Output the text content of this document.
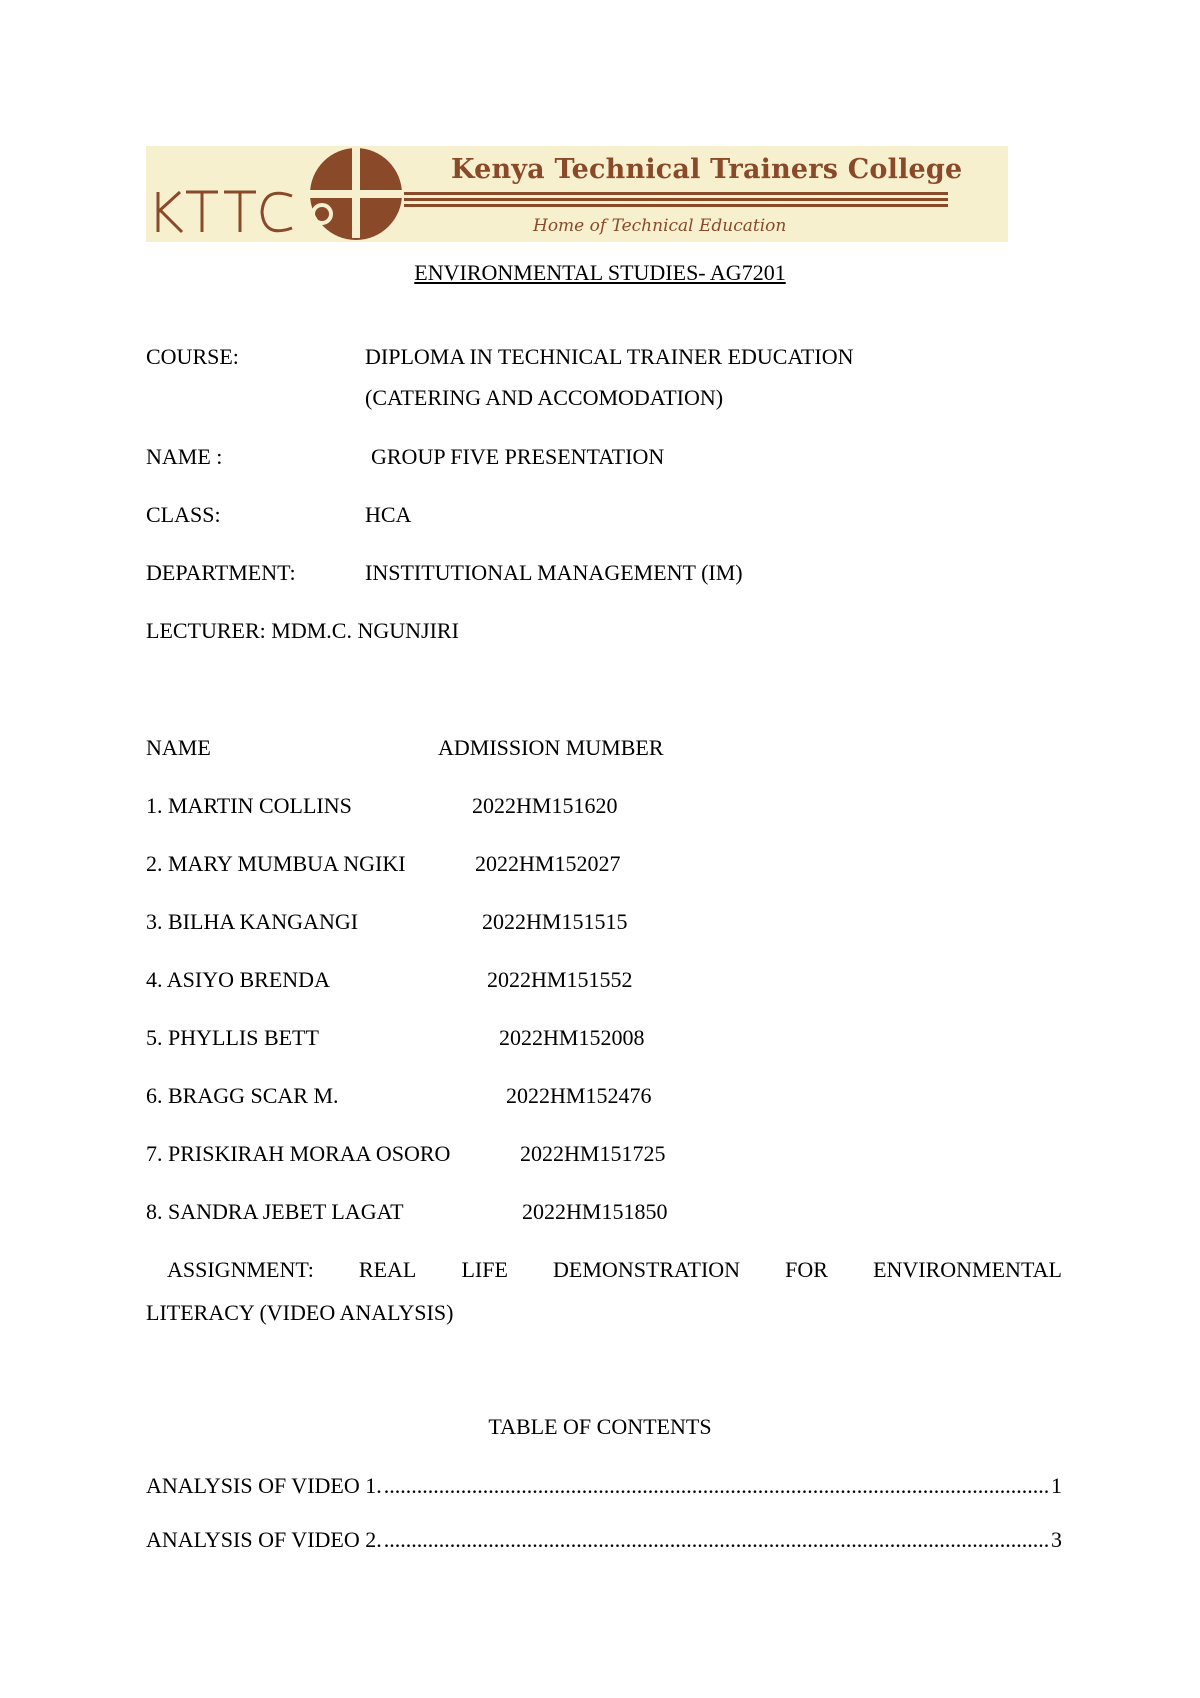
Kenya Technical Trainers College
Home of Technical Education
ENVIRONMENTAL STUDIES- AG7201
COURSE:	DIPLOMA IN TECHNICAL TRAINER EDUCATION
(CATERING AND ACCOMODATION)
NAME :	GROUP FIVE PRESENTATION
CLASS:	HCA
DEPARTMENT:	INSTITUTIONAL MANAGEMENT (IM)
LECTURER: MDM.C. NGUNJIRI
NAME	ADMISSION MUMBER
1. MARTIN COLLINS	2022HM151620
2. MARY MUMBUA NGIKI	2022HM152027
3. BILHA KANGANGI	2022HM151515
4. ASIYO BRENDA	2022HM151552
5. PHYLLIS BETT	2022HM152008
6. BRAGG SCAR M.	2022HM152476
7. PRISKIRAH MORAA OSORO	2022HM151725
8. SANDRA JEBET LAGAT	2022HM151850
ASSIGNMENT: REAL LIFE DEMONSTRATION FOR ENVIRONMENTAL
LITERACY (VIDEO ANALYSIS)
TABLE OF CONTENTS
ANALYSIS OF VIDEO 1. .....	1
ANALYSIS OF VIDEO 2. .....	3
